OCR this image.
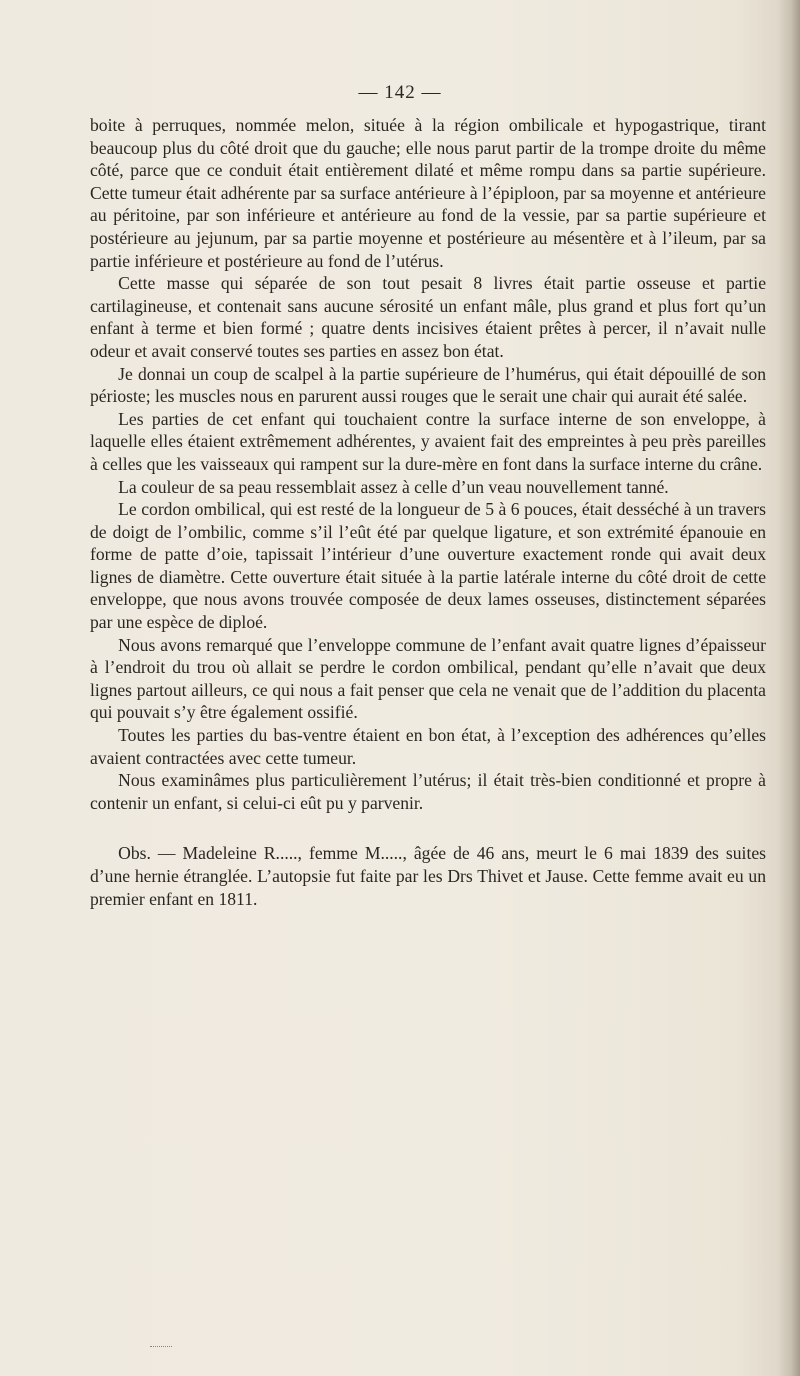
— 142 —

boite à perruques, nommée melon, située à la région ombilicale et hypogastrique, tirant beaucoup plus du côté droit que du gauche; elle nous parut partir de la trompe droite du même côté, parce que ce conduit était entièrement dilaté et même rompu dans sa partie supérieure. Cette tumeur était adhérente par sa surface antérieure à l’épiploon, par sa moyenne et antérieure au péritoine, par son inférieure et antérieure au fond de la vessie, par sa partie supérieure et postérieure au jejunum, par sa partie moyenne et postérieure au mésentère et à l’ileum, par sa partie inférieure et postérieure au fond de l’utérus.

Cette masse qui séparée de son tout pesait 8 livres était partie osseuse et partie cartilagineuse, et contenait sans aucune sérosité un enfant mâle, plus grand et plus fort qu’un enfant à terme et bien formé ; quatre dents incisives étaient prêtes à percer, il n’avait nulle odeur et avait conservé toutes ses parties en assez bon état.

Je donnai un coup de scalpel à la partie supérieure de l’humérus, qui était dépouillé de son périoste; les muscles nous en parurent aussi rouges que le serait une chair qui aurait été salée.

Les parties de cet enfant qui touchaient contre la surface interne de son enveloppe, à laquelle elles étaient extrêmement adhérentes, y avaient fait des empreintes à peu près pareilles à celles que les vaisseaux qui rampent sur la dure-mère en font dans la surface interne du crâne.

La couleur de sa peau ressemblait assez à celle d’un veau nouvellement tanné.

Le cordon ombilical, qui est resté de la longueur de 5 à 6 pouces, était desséché à un travers de doigt de l’ombilic, comme s’il l’eût été par quelque ligature, et son extrémité épanouie en forme de patte d’oie, tapissait l’intérieur d’une ouverture exactement ronde qui avait deux lignes de diamètre. Cette ouverture était située à la partie latérale interne du côté droit de cette enveloppe, que nous avons trouvée composée de deux lames osseuses, distinctement séparées par une espèce de diploé.

Nous avons remarqué que l’enveloppe commune de l’enfant avait quatre lignes d’épaisseur à l’endroit du trou où allait se perdre le cordon ombilical, pendant qu’elle n’avait que deux lignes partout ailleurs, ce qui nous a fait penser que cela ne venait que de l’addition du placenta qui pouvait s’y être également ossifié.

Toutes les parties du bas-ventre étaient en bon état, à l’exception des adhérences qu’elles avaient contractées avec cette tumeur.

Nous examinâmes plus particulièrement l’utérus; il était très-bien conditionné et propre à contenir un enfant, si celui-ci eût pu y parvenir.

Obs. — Madeleine R....., femme M....., âgée de 46 ans, meurt le 6 mai 1839 des suites d’une hernie étranglée. L’autopsie fut faite par les Drs Thivet et Jause. Cette femme avait eu un premier enfant en 1811.
